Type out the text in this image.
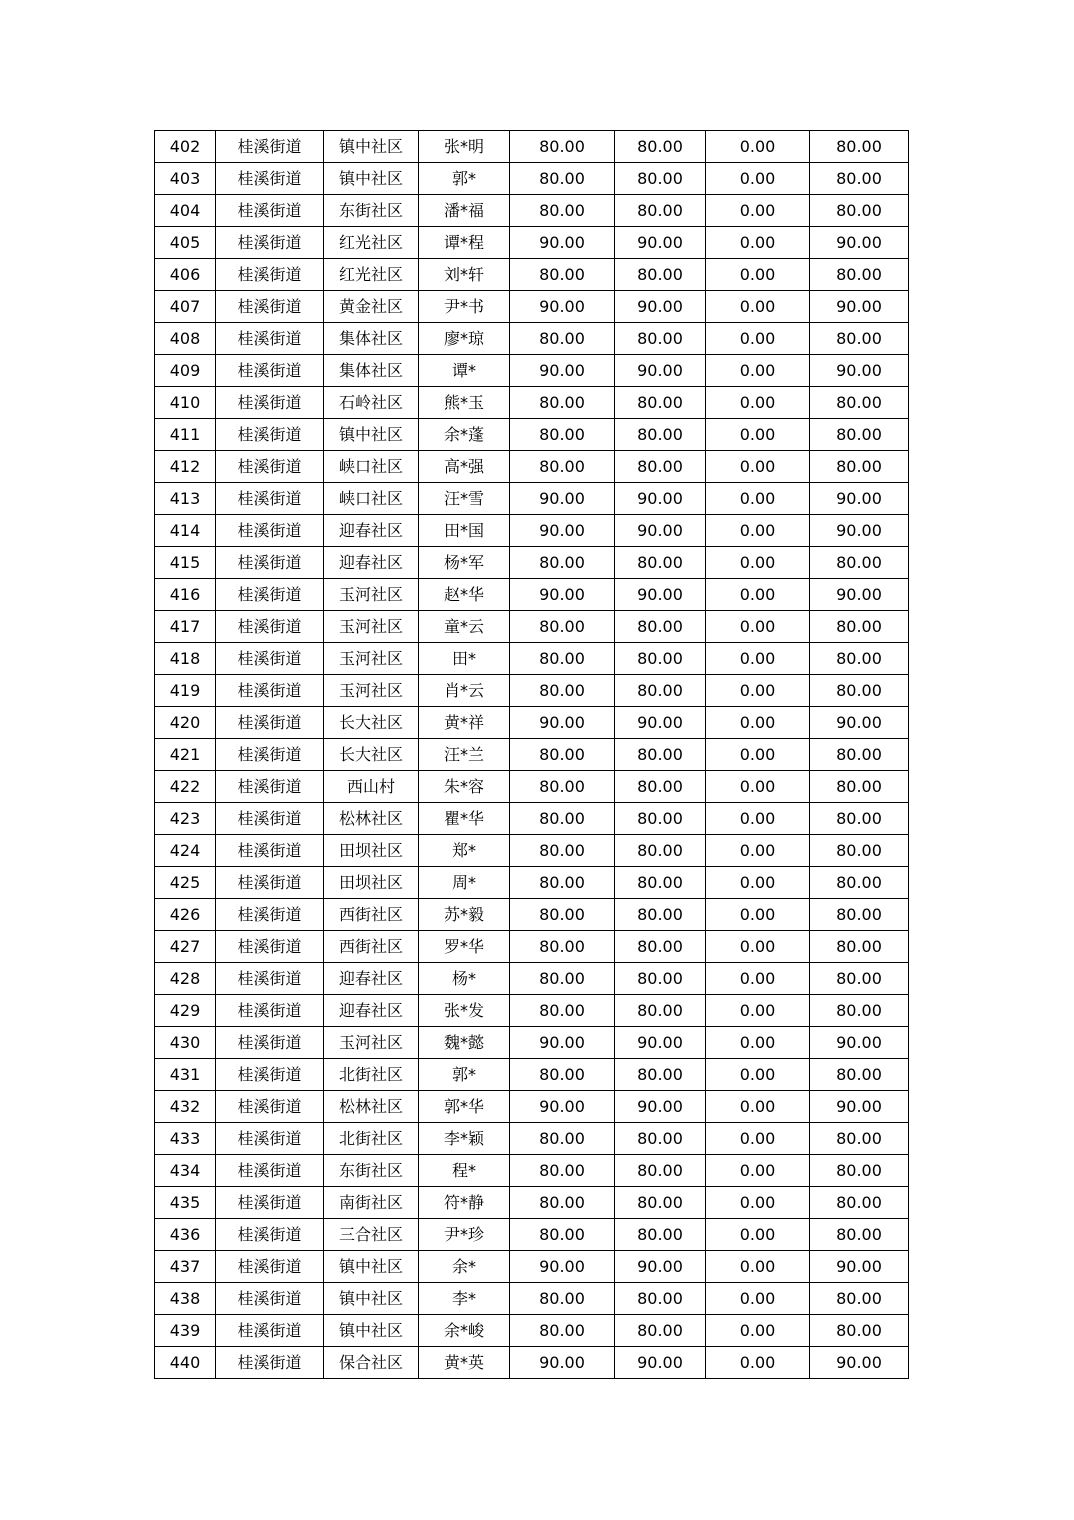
402	桂溪街道	镇中社区	张*明	80.00	80.00	0.00	80.00
403	桂溪街道	镇中社区	郭*	80.00	80.00	0.00	80.00
404	桂溪街道	东街社区	潘*福	80.00	80.00	0.00	80.00
405	桂溪街道	红光社区	谭*程	90.00	90.00	0.00	90.00
406	桂溪街道	红光社区	刘*轩	80.00	80.00	0.00	80.00
407	桂溪街道	黄金社区	尹*书	90.00	90.00	0.00	90.00
408	桂溪街道	集体社区	廖*琼	80.00	80.00	0.00	80.00
409	桂溪街道	集体社区	谭*	90.00	90.00	0.00	90.00
410	桂溪街道	石岭社区	熊*玉	80.00	80.00	0.00	80.00
411	桂溪街道	镇中社区	余*蓬	80.00	80.00	0.00	80.00
412	桂溪街道	峡口社区	高*强	80.00	80.00	0.00	80.00
413	桂溪街道	峡口社区	汪*雪	90.00	90.00	0.00	90.00
414	桂溪街道	迎春社区	田*国	90.00	90.00	0.00	90.00
415	桂溪街道	迎春社区	杨*军	80.00	80.00	0.00	80.00
416	桂溪街道	玉河社区	赵*华	90.00	90.00	0.00	90.00
417	桂溪街道	玉河社区	童*云	80.00	80.00	0.00	80.00
418	桂溪街道	玉河社区	田*	80.00	80.00	0.00	80.00
419	桂溪街道	玉河社区	肖*云	80.00	80.00	0.00	80.00
420	桂溪街道	长大社区	黄*祥	90.00	90.00	0.00	90.00
421	桂溪街道	长大社区	汪*兰	80.00	80.00	0.00	80.00
422	桂溪街道	西山村	朱*容	80.00	80.00	0.00	80.00
423	桂溪街道	松林社区	瞿*华	80.00	80.00	0.00	80.00
424	桂溪街道	田坝社区	郑*	80.00	80.00	0.00	80.00
425	桂溪街道	田坝社区	周*	80.00	80.00	0.00	80.00
426	桂溪街道	西街社区	苏*毅	80.00	80.00	0.00	80.00
427	桂溪街道	西街社区	罗*华	80.00	80.00	0.00	80.00
428	桂溪街道	迎春社区	杨*	80.00	80.00	0.00	80.00
429	桂溪街道	迎春社区	张*发	80.00	80.00	0.00	80.00
430	桂溪街道	玉河社区	魏*懿	90.00	90.00	0.00	90.00
431	桂溪街道	北街社区	郭*	80.00	80.00	0.00	80.00
432	桂溪街道	松林社区	郭*华	90.00	90.00	0.00	90.00
433	桂溪街道	北街社区	李*颖	80.00	80.00	0.00	80.00
434	桂溪街道	东街社区	程*	80.00	80.00	0.00	80.00
435	桂溪街道	南街社区	符*静	80.00	80.00	0.00	80.00
436	桂溪街道	三合社区	尹*珍	80.00	80.00	0.00	80.00
437	桂溪街道	镇中社区	余*	90.00	90.00	0.00	90.00
438	桂溪街道	镇中社区	李*	80.00	80.00	0.00	80.00
439	桂溪街道	镇中社区	余*峻	80.00	80.00	0.00	80.00
440	桂溪街道	保合社区	黄*英	90.00	90.00	0.00	90.00
